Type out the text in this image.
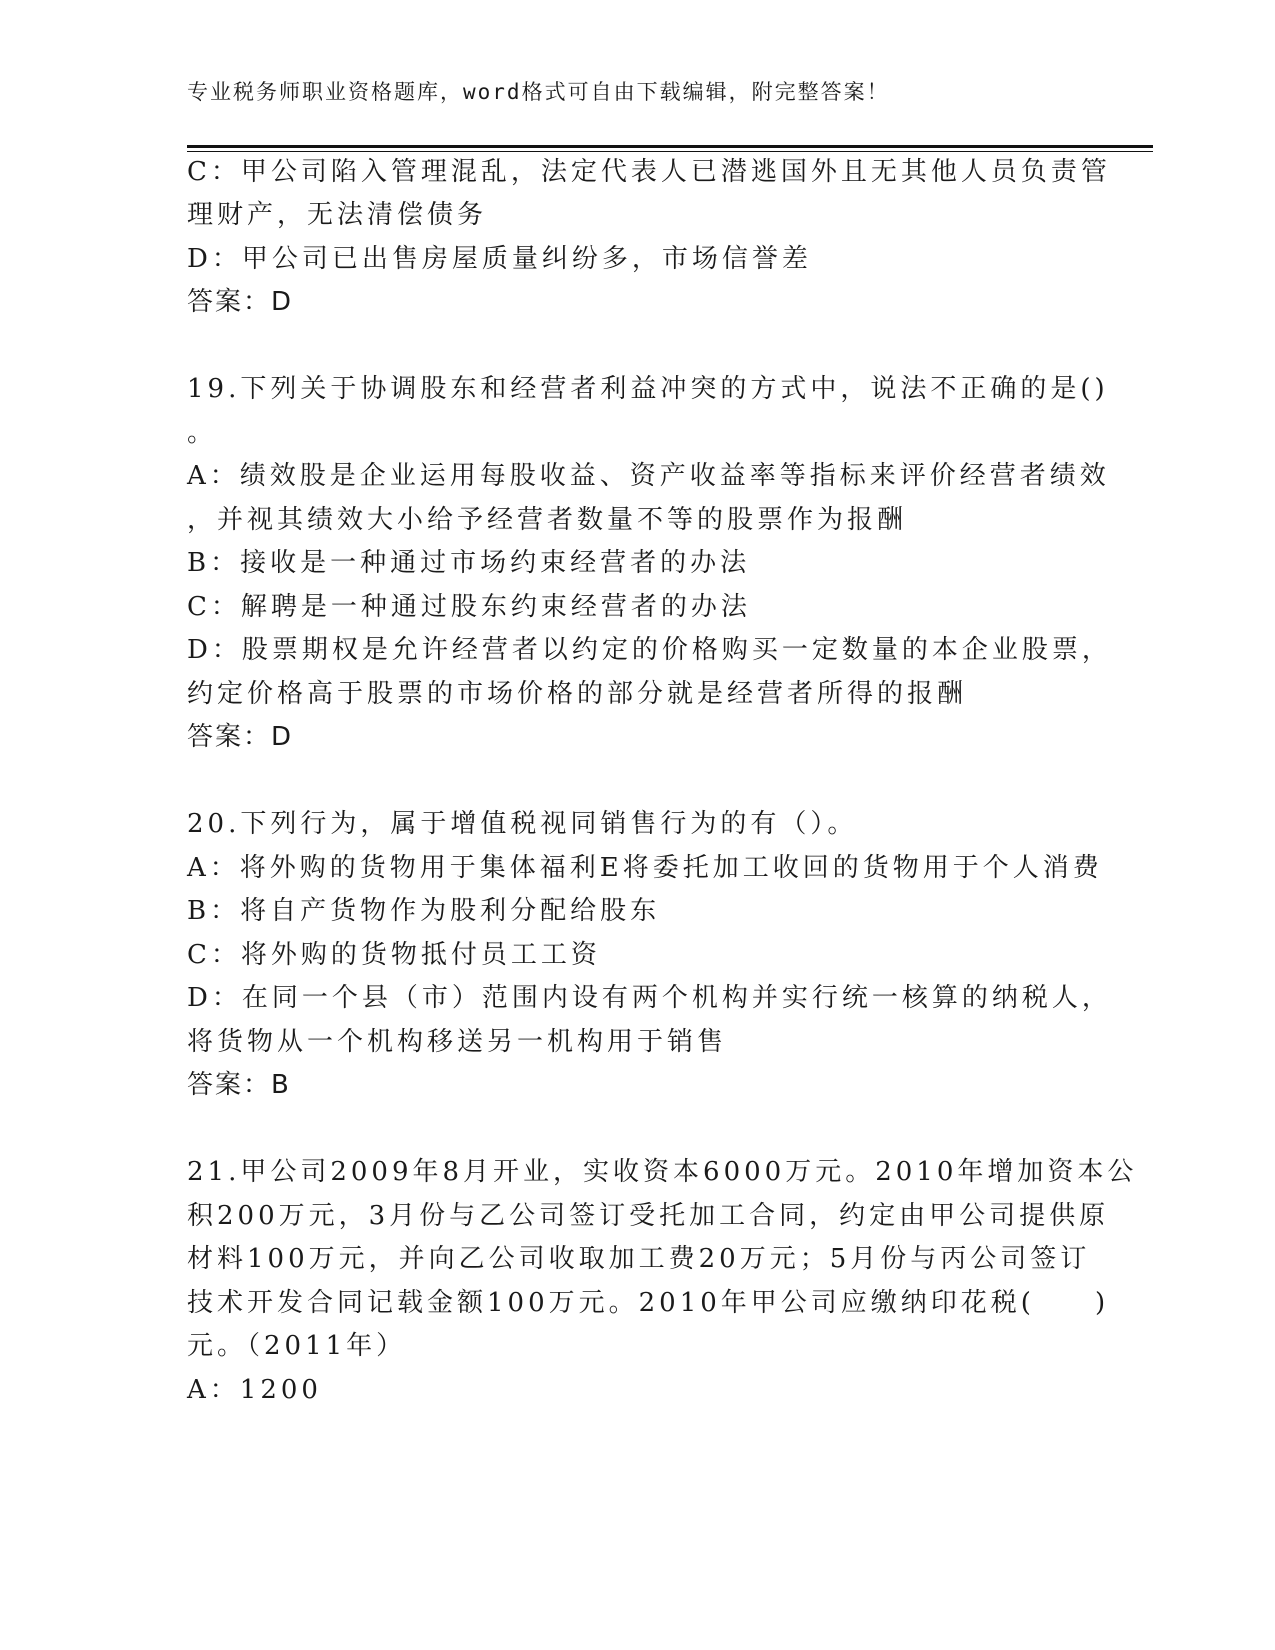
专业税务师职业资格题库，word格式可自由下载编辑，附完整答案！
C：甲公司陷入管理混乱，法定代表人已潜逃国外且无其他人员负责管
理财产，无法清偿债务
D：甲公司已出售房屋质量纠纷多，市场信誉差
答案：D
19.下列关于协调股东和经营者利益冲突的方式中，说法不正确的是()
。
A：绩效股是企业运用每股收益、资产收益率等指标来评价经营者绩效
，并视其绩效大小给予经营者数量不等的股票作为报酬
B：接收是一种通过市场约束经营者的办法
C：解聘是一种通过股东约束经营者的办法
D：股票期权是允许经营者以约定的价格购买一定数量的本企业股票，
约定价格高于股票的市场价格的部分就是经营者所得的报酬
答案：D
20.下列行为，属于增值税视同销售行为的有（）。
A：将外购的货物用于集体福利E将委托加工收回的货物用于个人消费
B：将自产货物作为股利分配给股东
C：将外购的货物抵付员工工资
D：在同一个县（市）范围内设有两个机构并实行统一核算的纳税人，
将货物从一个机构移送另一机构用于销售
答案：B
21.甲公司2009年8月开业，实收资本6000万元。2010年增加资本公
积200万元，3月份与乙公司签订受托加工合同，约定由甲公司提供原
材料100万元，并向乙公司收取加工费20万元；5月份与丙公司签订
技术开发合同记载金额100万元。2010年甲公司应缴纳印花税(　　)
元。（2011年）
A：1200
